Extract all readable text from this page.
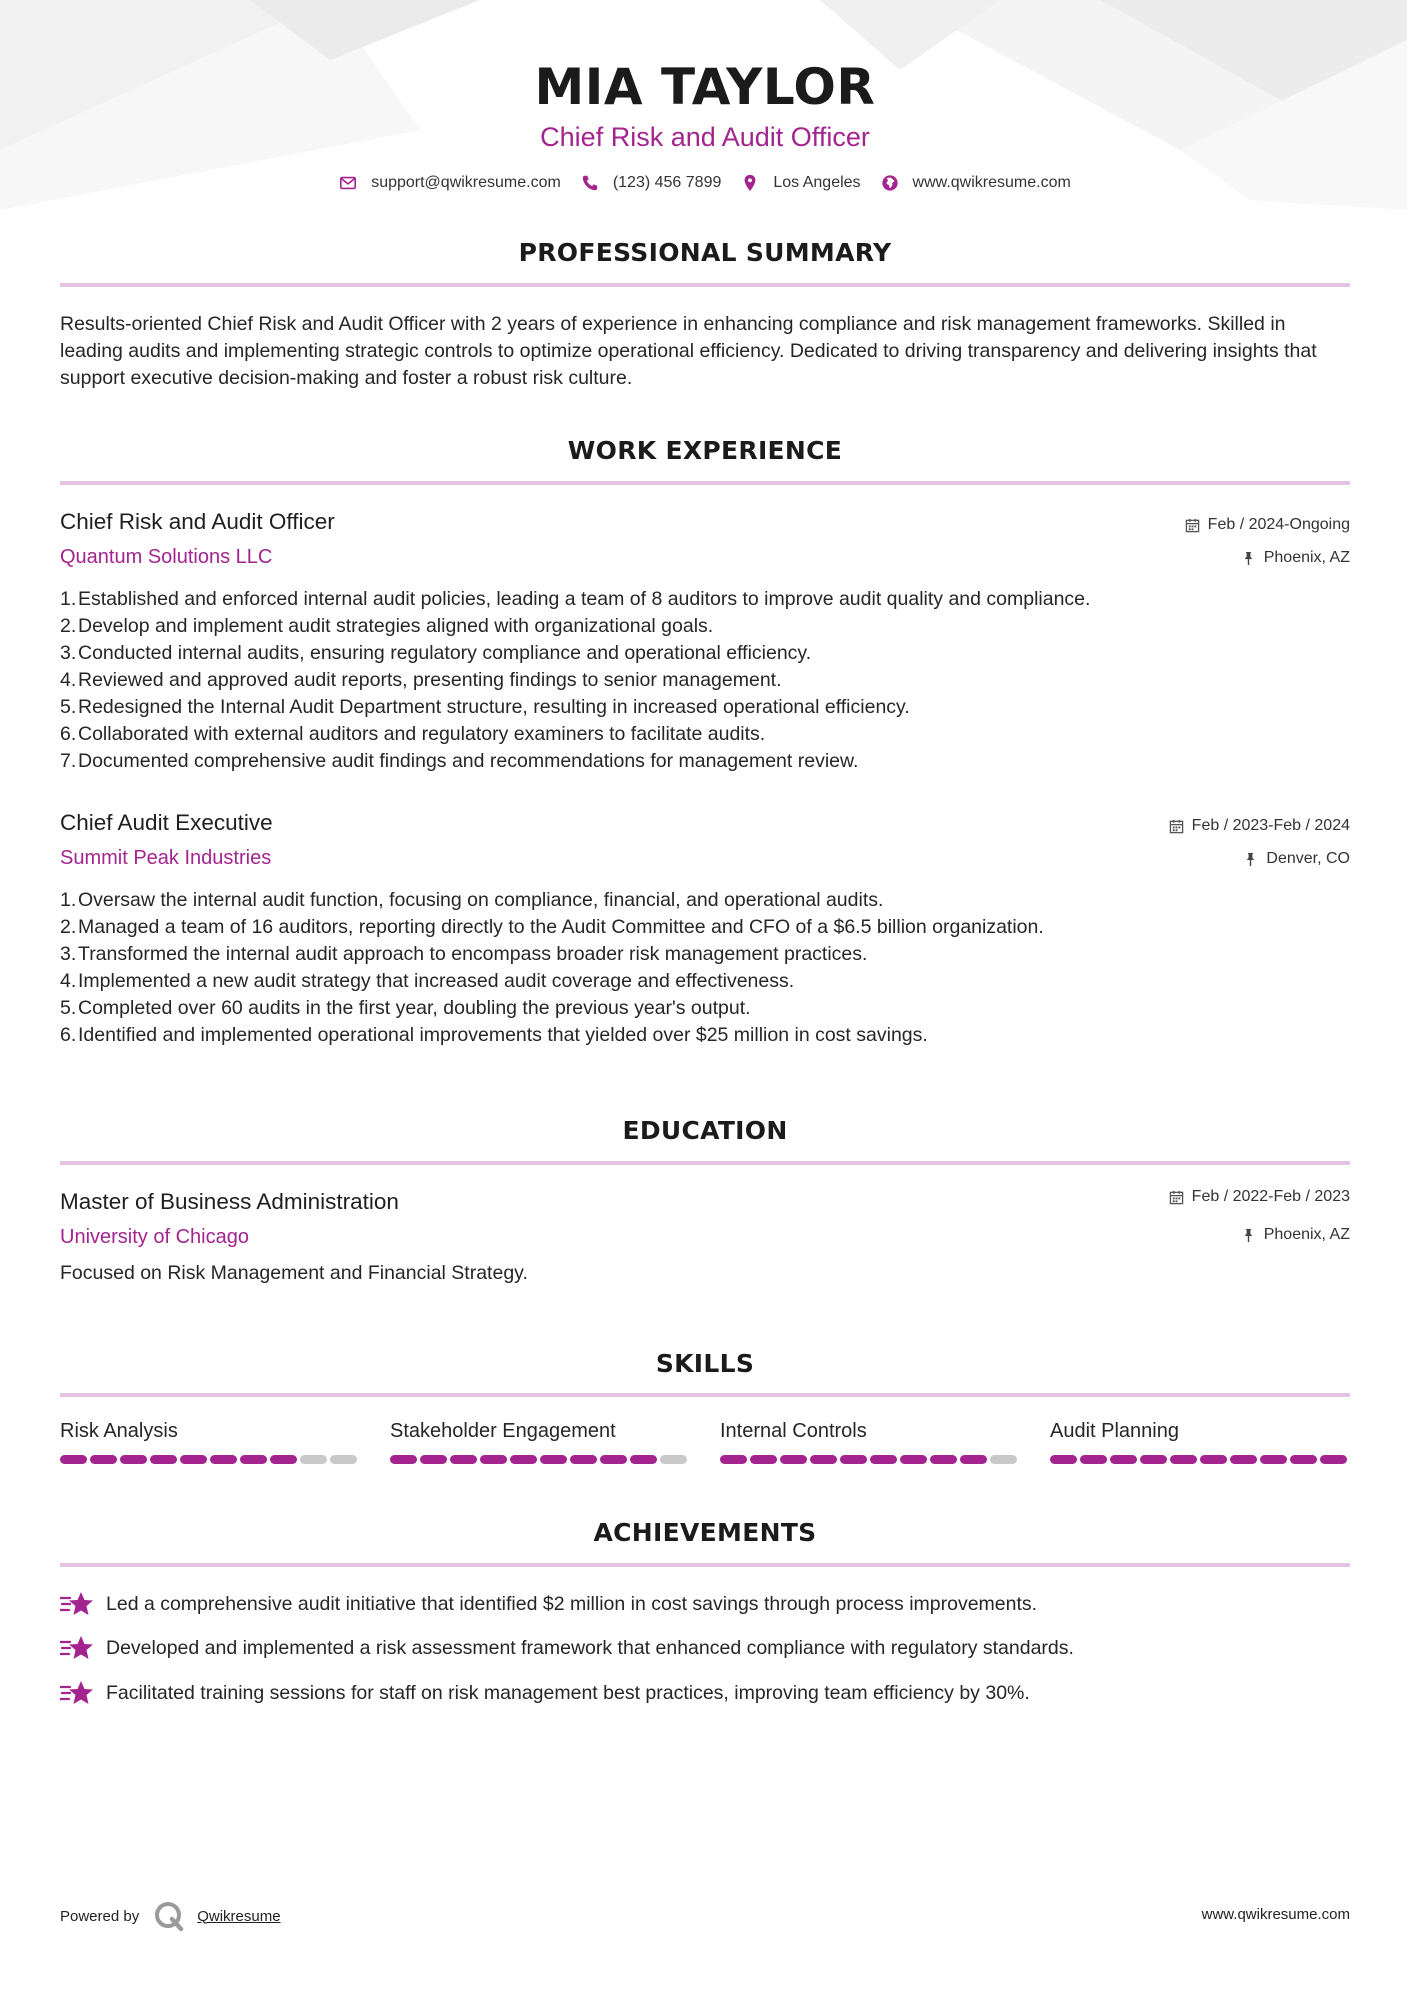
MIA TAYLOR
Chief Risk and Audit Officer
support@qwikresume.com	(123) 456 7899	Los Angeles	www.qwikresume.com
PROFESSIONAL SUMMARY

Results-oriented Chief Risk and Audit Officer with 2 years of experience in enhancing compliance and risk management frameworks. Skilled in leading audits and implementing strategic controls to optimize operational efficiency. Dedicated to driving transparency and delivering insights that support executive decision-making and foster a robust risk culture.

WORK EXPERIENCE
Chief Risk and Audit Officer
Quantum Solutions LLC
Feb / 2024-Ongoing
Phoenix, AZ
1. Established and enforced internal audit policies, leading a team of 8 auditors to improve audit quality and compliance.
2. Develop and implement audit strategies aligned with organizational goals.
3. Conducted internal audits, ensuring regulatory compliance and operational efficiency.
4. Reviewed and approved audit reports, presenting findings to senior management.
5. Redesigned the Internal Audit Department structure, resulting in increased operational efficiency.
6. Collaborated with external auditors and regulatory examiners to facilitate audits.
7. Documented comprehensive audit findings and recommendations for management review.
Chief Audit Executive
Summit Peak Industries
Feb / 2023-Feb / 2024
Denver, CO
1. Oversaw the internal audit function, focusing on compliance, financial, and operational audits.
2. Managed a team of 16 auditors, reporting directly to the Audit Committee and CFO of a $6.5 billion organization.
3. Transformed the internal audit approach to encompass broader risk management practices.
4. Implemented a new audit strategy that increased audit coverage and effectiveness.
5. Completed over 60 audits in the first year, doubling the previous year's output.
6. Identified and implemented operational improvements that yielded over $25 million in cost savings.
EDUCATION
Master of Business Administration
University of Chicago
Feb / 2022-Feb / 2023
Phoenix, AZ
Focused on Risk Management and Financial Strategy.
SKILLS
Risk Analysis	Stakeholder Engagement	Internal Controls	Audit Planning
ACHIEVEMENTS
Led a comprehensive audit initiative that identified $2 million in cost savings through process improvements.
Developed and implemented a risk assessment framework that enhanced compliance with regulatory standards.
Facilitated training sessions for staff on risk management best practices, improving team efficiency by 30%.
Powered by	Qwikresume	www.qwikresume.com
